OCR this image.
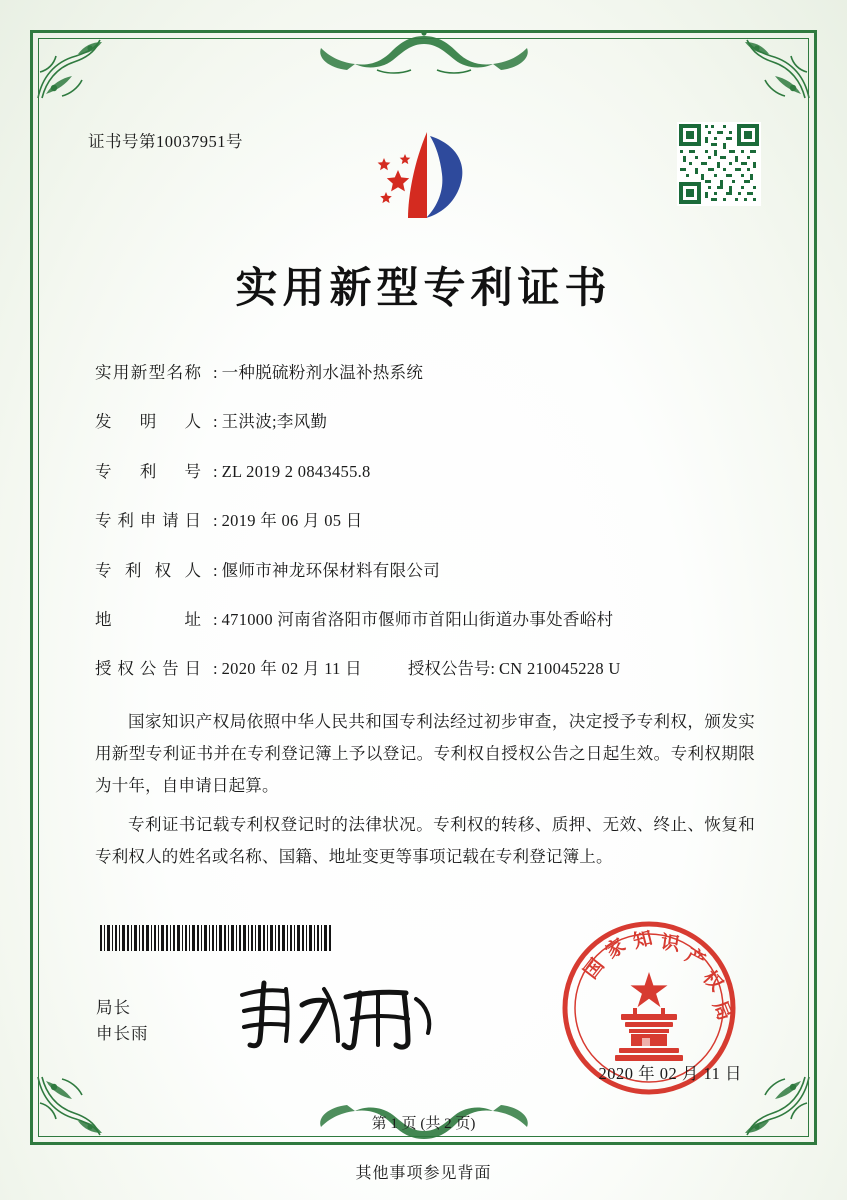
证书号第10037951号
实用新型专利证书
实用新型名称 : 一种脱硫粉剂水温补热系统
发明人 : 王洪波;李风勤
专利号 : ZL 2019 2 0843455.8
专利申请日 : 2019 年 06 月 05 日
专利权人 : 偃师市神龙环保材料有限公司
地址 : 471000 河南省洛阳市偃师市首阳山街道办事处香峪村
授权公告日 : 2020 年 02 月 11 日	授权公告号 : CN 210045228 U

国家知识产权局依照中华人民共和国专利法经过初步审查，决定授予专利权，颁发实用新型专利证书并在专利登记簿上予以登记。专利权自授权公告之日起生效。专利权期限为十年，自申请日起算。

专利证书记载专利权登记时的法律状况。专利权的转移、质押、无效、终止、恢复和专利权人的姓名或名称、国籍、地址变更等事项记载在专利登记簿上。

局长
申长雨
国
家 知 识
产
权
局
2020 年 02 月 11 日
第 1 页 (共 2 页)
其他事项参见背面
